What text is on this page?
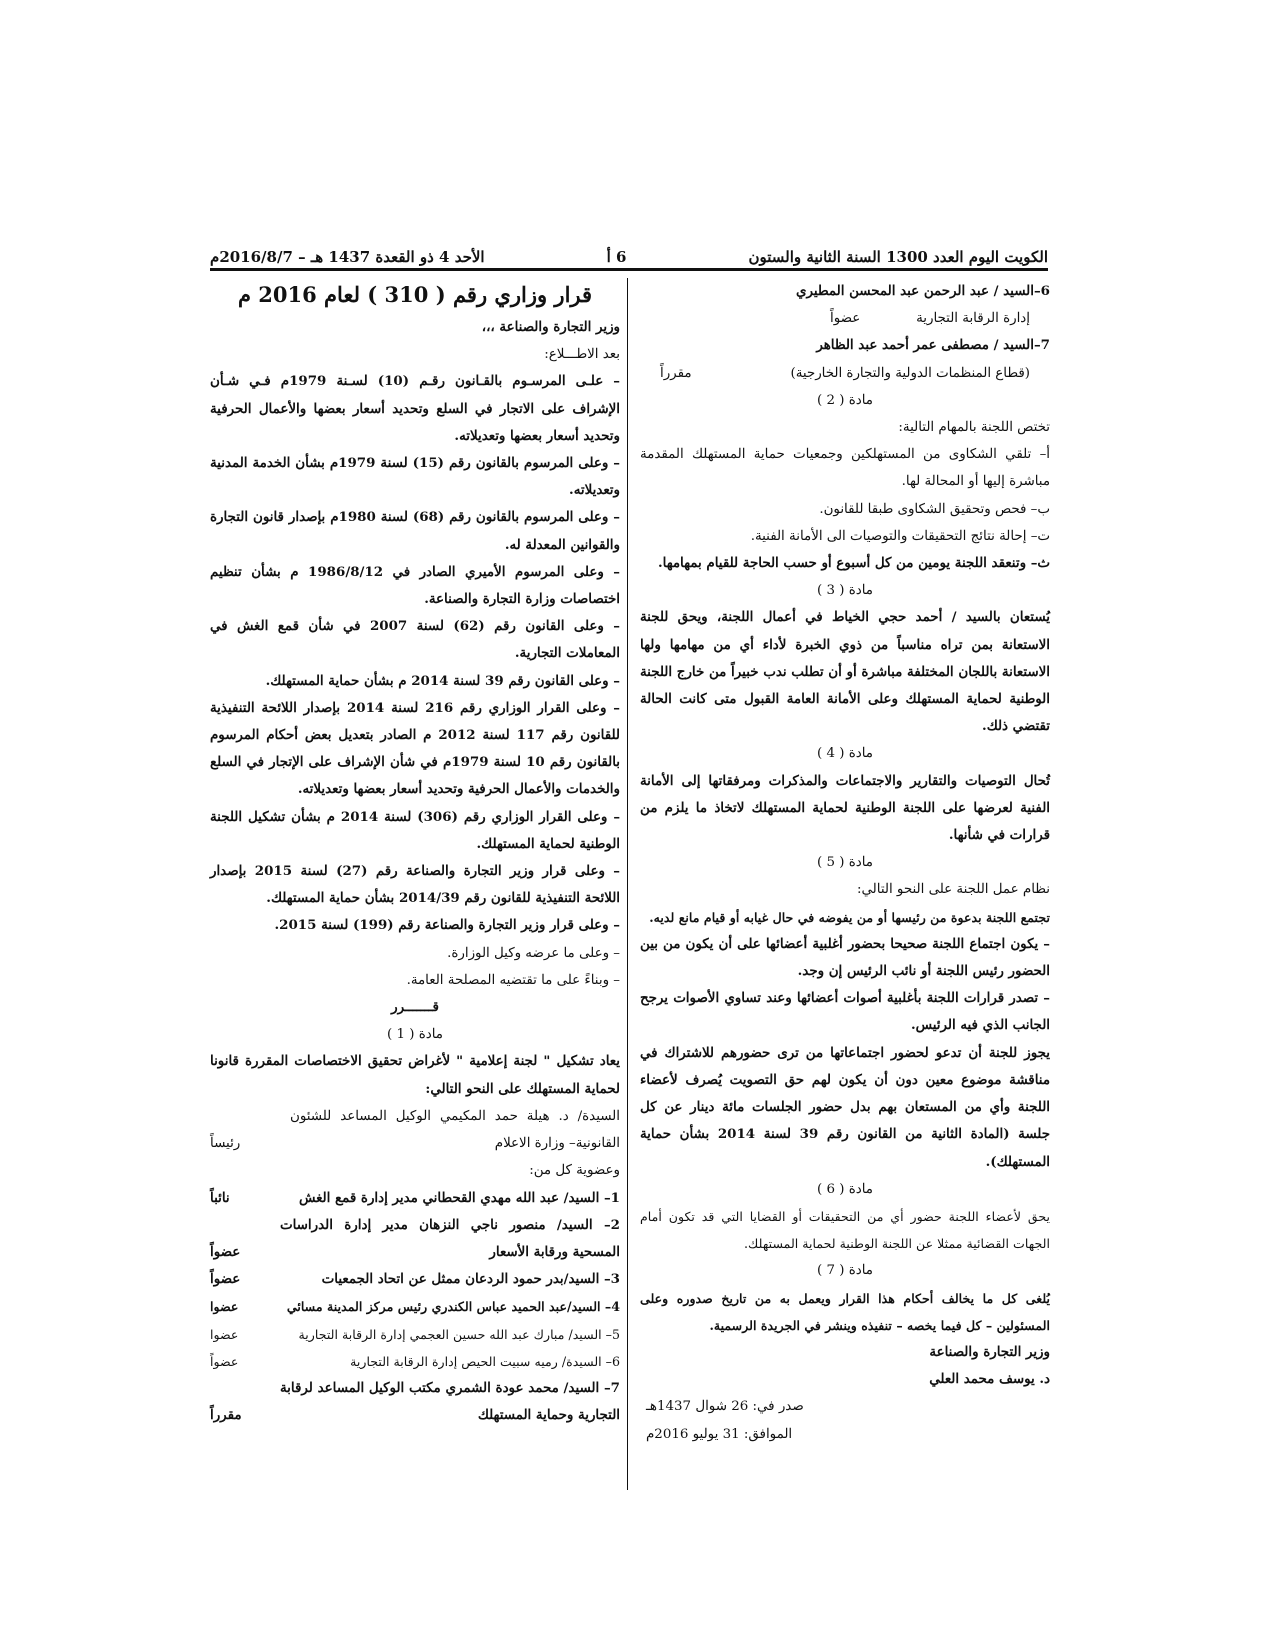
الكويت اليوم العدد 1300 السنة الثانية والستون
6 أ
الأحد 4 ذو القعدة 1437 هـ – 2016/8/7م

6–السيد / عبد الرحمن عبد المحسن المطيري

إدارة الرقابة التجارية
عضواً

7–السيد / مصطفى عمر أحمد عبد الظاهر

(قطاع المنظمات الدولية والتجارة الخارجية)
مقرراً

مادة ( 2 )

تختص اللجنة بالمهام التالية:

أ– تلقي الشكاوى من المستهلكين وجمعيات حماية المستهلك المقدمة مباشرة إليها أو المحالة لها.

ب– فحص وتحقيق الشكاوى طبقا للقانون.

ت– إحالة نتائج التحقيقات والتوصيات الى الأمانة الفنية.

ث– وتنعقد اللجنة يومين من كل أسبوع أو حسب الحاجة للقيام بمهامها.

مادة ( 3 )

يُستعان بالسيد / أحمد حجي الخياط في أعمال اللجنة، ويحق للجنة الاستعانة بمن تراه مناسباً من ذوي الخبرة لأداء أي من مهامها ولها الاستعانة باللجان المختلفة مباشرة أو أن تطلب ندب خبيراً من خارج اللجنة الوطنية لحماية المستهلك وعلى الأمانة العامة القبول متى كانت الحالة تقتضي ذلك.

مادة ( 4 )

تُحال التوصيات والتقارير والاجتماعات والمذكرات ومرفقاتها إلى الأمانة الفنية لعرضها على اللجنة الوطنية لحماية المستهلك لاتخاذ ما يلزم من قرارات في شأنها.

مادة ( 5 )

نظام عمل اللجنة على النحو التالي:

تجتمع اللجنة بدعوة من رئيسها أو من يفوضه في حال غيابه أو قيام مانع لديه.

– يكون اجتماع اللجنة صحيحا بحضور أغلبية أعضائها على أن يكون من بين الحضور رئيس اللجنة أو نائب الرئيس إن وجد.

– تصدر قرارات اللجنة بأغلبية أصوات أعضائها وعند تساوي الأصوات يرجح الجانب الذي فيه الرئيس.

يجوز للجنة أن تدعو لحضور اجتماعاتها من ترى حضورهم للاشتراك في مناقشة موضوع معين دون أن يكون لهم حق التصويت يُصرف لأعضاء اللجنة وأي من المستعان بهم بدل حضور الجلسات مائة دينار عن كل جلسة (المادة الثانية من القانون رقم 39 لسنة 2014 بشأن حماية المستهلك).

مادة ( 6 )

يحق لأعضاء اللجنة حضور أي من التحقيقات أو القضايا التي قد تكون أمام الجهات القضائية ممثلا عن اللجنة الوطنية لحماية المستهلك.

مادة ( 7 )

يُلغى كل ما يخالف أحكام هذا القرار ويعمل به من تاريخ صدوره وعلى المسئولين – كل فيما يخصه – تنفيذه وينشر في الجريدة الرسمية.

وزير التجارة والصناعة

د. يوسف محمد العلي

صدر في: 26 شوال 1437هـ

الموافق: 31 يوليو 2016م

قرار وزاري رقم ( 310 ) لعام 2016 م

وزير التجارة والصناعة ،،،

بعد الاطـــلاع:

– علـى المرسـوم بالقـانون رقـم (10) لسـنة 1979م فـي شـأن الإشراف على الاتجار في السلع وتحديد أسعار بعضها والأعمال الحرفية وتحديد أسعار بعضها وتعديلاته.

– وعلى المرسوم بالقانون رقم (15) لسنة 1979م بشأن الخدمة المدنية وتعديلاته.

– وعلى المرسوم بالقانون رقم (68) لسنة 1980م بإصدار قانون التجارة والقوانين المعدلة له.

– وعلى المرسوم الأميري الصادر في 1986/8/12 م بشأن تنظيم اختصاصات وزارة التجارة والصناعة.

– وعلى القانون رقم (62) لسنة 2007 في شأن قمع الغش في المعاملات التجارية.

– وعلى القانون رقم 39 لسنة 2014 م بشأن حماية المستهلك.

– وعلى القرار الوزاري رقم 216 لسنة 2014 بإصدار اللائحة التنفيذية للقانون رقم 117 لسنة 2012 م الصادر بتعديل بعض أحكام المرسوم بالقانون رقم 10 لسنة 1979م في شأن الإشراف على الإتجار في السلع والخدمات والأعمال الحرفية وتحديد أسعار بعضها وتعديلاته.

– وعلى القرار الوزاري رقم (306) لسنة 2014 م بشأن تشكيل اللجنة الوطنية لحماية المستهلك.

– وعلى قرار وزير التجارة والصناعة رقم (27) لسنة 2015 بإصدار اللائحة التنفيذية للقانون رقم 2014/39 بشأن حماية المستهلك.

– وعلى قرار وزير التجارة والصناعة رقم (199) لسنة 2015.

– وعلى ما عرضه وكيل الوزارة.

– وبناءً على ما تقتضيه المصلحة العامة.

قـــــــرر

مادة ( 1 )

يعاد تشكيل " لجنة إعلامية " لأغراض تحقيق الاختصاصات المقررة قانونا لحماية المستهلك على النحو التالي:

السيدة/ د. هيلة حمد المكيمي الوكيل المساعد للشئون القانونية– وزارة الاعلام
رئيساً

وعضوية كل من:

1– السيد/ عبد الله مهدي القحطاني مدير إدارة قمع الغش
نائباً
2– السيد/ منصور ناجي النزهان مدير إدارة الدراسات المسحية ورقابة الأسعار
عضواً
3– السيد/بدر حمود الردعان ممثل عن اتحاد الجمعيات
عضواً
4– السيد/عبد الحميد عباس الكندري رئيس مركز المدينة مسائي
عضوا
5– السيد/ مبارك عبد الله حسين العجمي إدارة الرقابة التجارية
عضوا
6– السيدة/ رميه سبيت الحيص إدارة الرقابة التجارية
عضواً
7– السيد/ محمد عودة الشمري مكتب الوكيل المساعد لرقابة التجارية وحماية المستهلك
مقرراً
